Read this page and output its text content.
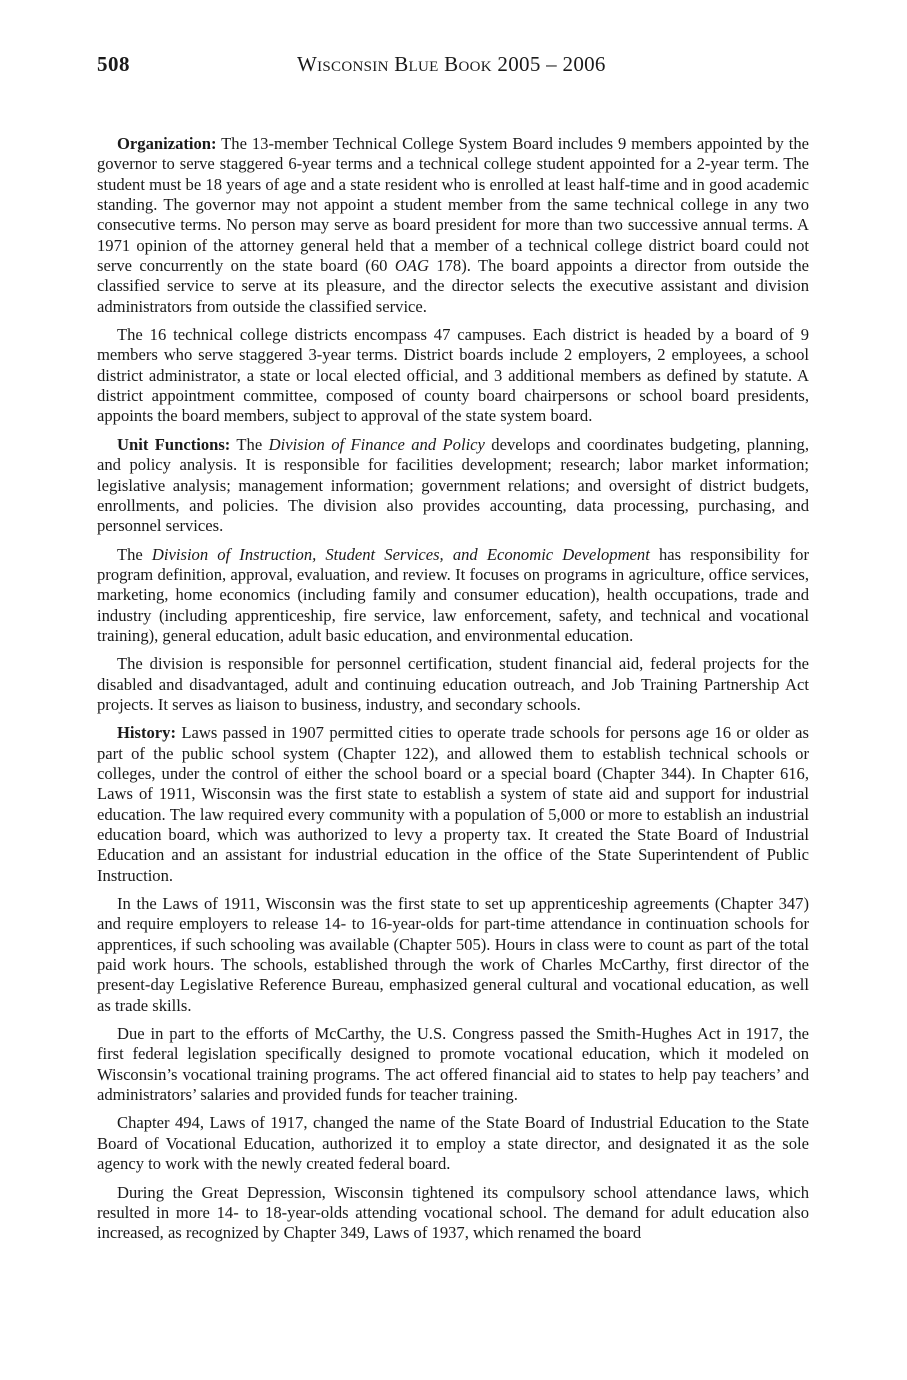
508	Wisconsin Blue Book 2005 – 2006

Organization: The 13-member Technical College System Board includes 9 members appointed by the governor to serve staggered 6-year terms and a technical college student appointed for a 2-year term. The student must be 18 years of age and a state resident who is enrolled at least half-time and in good academic standing. The governor may not appoint a student member from the same technical college in any two consecutive terms. No person may serve as board president for more than two successive annual terms. A 1971 opinion of the attorney general held that a member of a technical college district board could not serve concurrently on the state board (60 OAG 178). The board appoints a director from outside the classified service to serve at its pleasure, and the director selects the executive assistant and division administrators from outside the classified service.

The 16 technical college districts encompass 47 campuses. Each district is headed by a board of 9 members who serve staggered 3-year terms. District boards include 2 employers, 2 employees, a school district administrator, a state or local elected official, and 3 additional members as defined by statute. A district appointment committee, composed of county board chairpersons or school board presidents, appoints the board members, subject to approval of the state system board.

Unit Functions: The Division of Finance and Policy develops and coordinates budgeting, planning, and policy analysis. It is responsible for facilities development; research; labor market information; legislative analysis; management information; government relations; and oversight of district budgets, enrollments, and policies. The division also provides accounting, data processing, purchasing, and personnel services.

The Division of Instruction, Student Services, and Economic Development has responsibility for program definition, approval, evaluation, and review. It focuses on programs in agriculture, office services, marketing, home economics (including family and consumer education), health occupations, trade and industry (including apprenticeship, fire service, law enforcement, safety, and technical and vocational training), general education, adult basic education, and environmental education.

The division is responsible for personnel certification, student financial aid, federal projects for the disabled and disadvantaged, adult and continuing education outreach, and Job Training Partnership Act projects. It serves as liaison to business, industry, and secondary schools.

History: Laws passed in 1907 permitted cities to operate trade schools for persons age 16 or older as part of the public school system (Chapter 122), and allowed them to establish technical schools or colleges, under the control of either the school board or a special board (Chapter 344). In Chapter 616, Laws of 1911, Wisconsin was the first state to establish a system of state aid and support for industrial education. The law required every community with a population of 5,000 or more to establish an industrial education board, which was authorized to levy a property tax. It created the State Board of Industrial Education and an assistant for industrial education in the office of the State Superintendent of Public Instruction.

In the Laws of 1911, Wisconsin was the first state to set up apprenticeship agreements (Chapter 347) and require employers to release 14- to 16-year-olds for part-time attendance in continuation schools for apprentices, if such schooling was available (Chapter 505). Hours in class were to count as part of the total paid work hours. The schools, established through the work of Charles McCarthy, first director of the present-day Legislative Reference Bureau, emphasized general cultural and vocational education, as well as trade skills.

Due in part to the efforts of McCarthy, the U.S. Congress passed the Smith-Hughes Act in 1917, the first federal legislation specifically designed to promote vocational education, which it modeled on Wisconsin’s vocational training programs. The act offered financial aid to states to help pay teachers’ and administrators’ salaries and provided funds for teacher training.

Chapter 494, Laws of 1917, changed the name of the State Board of Industrial Education to the State Board of Vocational Education, authorized it to employ a state director, and designated it as the sole agency to work with the newly created federal board.

During the Great Depression, Wisconsin tightened its compulsory school attendance laws, which resulted in more 14- to 18-year-olds attending vocational school. The demand for adult education also increased, as recognized by Chapter 349, Laws of 1937, which renamed the board
